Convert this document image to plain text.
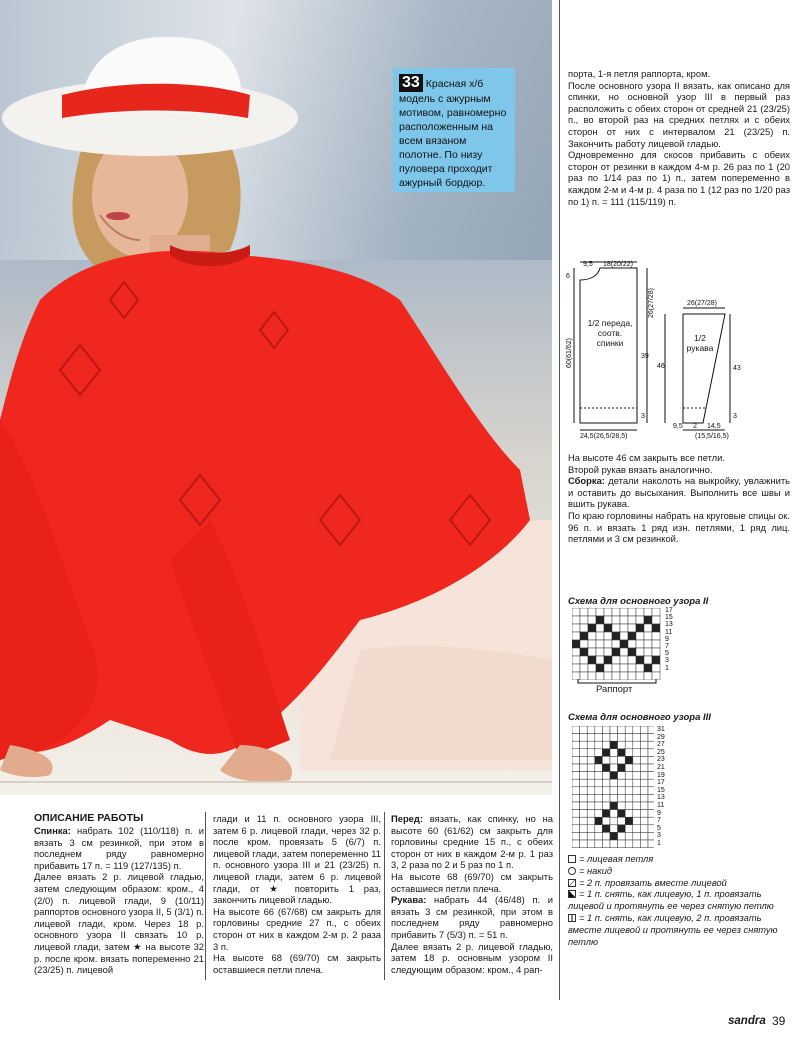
33 Красная х/б модель с ажурным мотивом, равномерно расположенным на всем вязаном полотне. По низу пуловера проходит ажурный бордюр.

порта, 1-я петля раппорта, кром.

После основного узора II вязать, как описано для спинки, но основной узор III в первый раз расположить с обеих сторон от средней 21 (23/25) п., во второй раз на средних петлях и с обеих сторон от них с интервалом 21 (23/25) п. Закончить работу лицевой гладью.

Одновременно для скосов прибавить с обеих сторон от резинки в каждом 4-м р. 26 раз по 1 (20 раз по 1/14 раз по 1) п., затем попеременно в каждом 2-м и 4-м р. 4 раза по 1 (12 раз по 1/20 раз по 1) п. = 111 (115/119) п.

9,5 18(20/22)
6
60(61/62)
26(27/28)
39
46
3
24,5(26,5/28,5)
26(27/28)
43
3
9,5 2 14,5
(15,5/16,5)
1/2 переда, соотв. спинки	1/2 рукава

На высоте 46 см закрыть все петли.

Второй рукав вязать аналогично.

Сборка: детали наколоть на выкройку, увлажнить и оставить до высыхания. Выполнить все швы и вшить рукава.

По краю горловины набрать на круговые спицы ок. 96 п. и вязать 1 ряд изн. петлями, 1 ряд лиц. петлями и 3 см резинкой.

Схема для основного узора II
17
15
13
11
9
7
5
3
1
Раппорт
Схема для основного узора III
31
29
27
25
23
21
19
17
15
13
11
9
7
5
3
1
= лицевая петля
= накид
= 2 п. провязать вместе лицевой
= 1 п. снять, как лицевую, 1 п. провязать лицевой и протянуть ее через снятую петлю
= 1 п. снять, как лицевую, 2 п. провязать вместе лицевой и протянуть ее через снятую петлю
ОПИСАНИЕ РАБОТЫ

Спинка: набрать 102 (110/118) п. и вязать 3 см резинкой, при этом в последнем ряду равномерно прибавить 17 п. = 119 (127/135) п.

Далее вязать 2 р. лицевой гладью, затем следующим образом: кром., 4 (2/0) п. лицевой глади, 9 (10/11) раппортов основного узора II, 5 (3/1) п. лицевой глади, кром. Через 18 р. основного узора II связать 10 р. лицевой глади, затем ★ на высоте 32 р. после кром. вязать попеременно 21 (23/25) п. лицевой

глади и 11 п. основного узора III, затем 6 р. лицевой глади, через 32 р. после кром. провязать 5 (6/7) п. лицевой глади, затем попеременно 11 п. основного узора III и 21 (23/25) п. лицевой глади, затем 6 р. лицевой глади, от ★ повторить 1 раз, закончить лицевой гладью.

На высоте 66 (67/68) см закрыть для горловины средние 27 п., с обеих сторон от них в каждом 2-м р. 2 раза 3 п.

На высоте 68 (69/70) см закрыть оставшиеся петли плеча.

Перед: вязать, как спинку, но на высоте 60 (61/62) см закрыть для горловины средние 15 п., с обеих сторон от них в каждом 2-м р. 1 раз 3, 2 раза по 2 и 5 раз по 1 п.

На высоте 68 (69/70) см закрыть оставшиеся петли плеча.

Рукава: набрать 44 (46/48) п. и вязать 3 см резинкой, при этом в последнем ряду равномерно прибавить 7 (5/3) п. = 51 п.

Далее вязать 2 р. лицевой гладью, затем 18 р. основным узором II следующим образом: кром., 4 рап-

sandra 39
